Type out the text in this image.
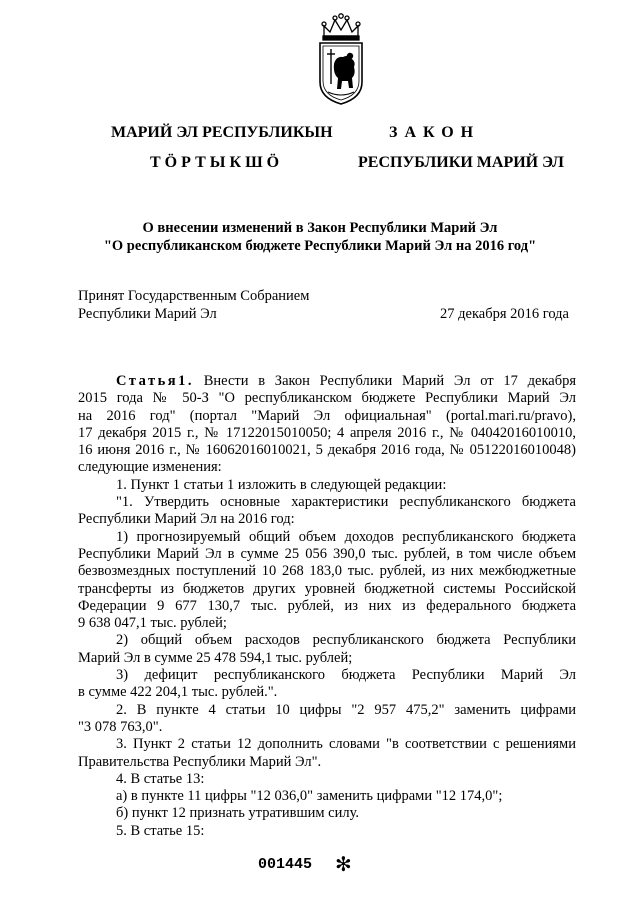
МАРИЙ ЭЛ РЕСПУБЛИКЫН	ЗАКОН
ТӦРТЫКШӦ	РЕСПУБЛИКИ МАРИЙ ЭЛ
О внесении изменений в Закон Республики Марий Эл
"О республиканском бюджете Республики Марий Эл на 2016 год"
Принят Государственным Собранием
Республики Марий Эл	27 декабря 2016 года
Статья1. Внести в Закон Республики Марий Эл от 17 декабря
2015 года № 50-З "О республиканском бюджете Республики Марий Эл
на 2016 год" (портал "Марий Эл официальная" (portal.mari.ru/pravo),
17 декабря 2015 г., № 17122015010050; 4 апреля 2016 г., № 04042016010010,
16 июня 2016 г., № 16062016010021, 5 декабря 2016 года, № 05122016010048)
следующие изменения:
1. Пункт 1 статьи 1 изложить в следующей редакции:
"1. Утвердить основные характеристики республиканского бюджета
Республики Марий Эл на 2016 год:
1) прогнозируемый общий объем доходов республиканского бюджета
Республики Марий Эл в сумме 25 056 390,0 тыс. рублей, в том числе объем
безвозмездных поступлений 10 268 183,0 тыс. рублей, из них межбюджетные
трансферты из бюджетов других уровней бюджетной системы Российской
Федерации 9 677 130,7 тыс. рублей, из них из федерального бюджета
9 638 047,1 тыс. рублей;
2) общий объем расходов республиканского бюджета Республики
Марий Эл в сумме 25 478 594,1 тыс. рублей;
3) дефицит республиканского бюджета Республики Марий Эл
в сумме 422 204,1 тыс. рублей.".
2. В пункте 4 статьи 10 цифры "2 957 475,2" заменить цифрами
"3 078 763,0".
3. Пункт 2 статьи 12 дополнить словами "в соответствии с решениями
Правительства Республики Марий Эл".
4. В статье 13:
а) в пункте 11 цифры "12 036,0" заменить цифрами "12 174,0";
б) пункт 12 признать утратившим силу.
5. В статье 15:
001445 ✻
